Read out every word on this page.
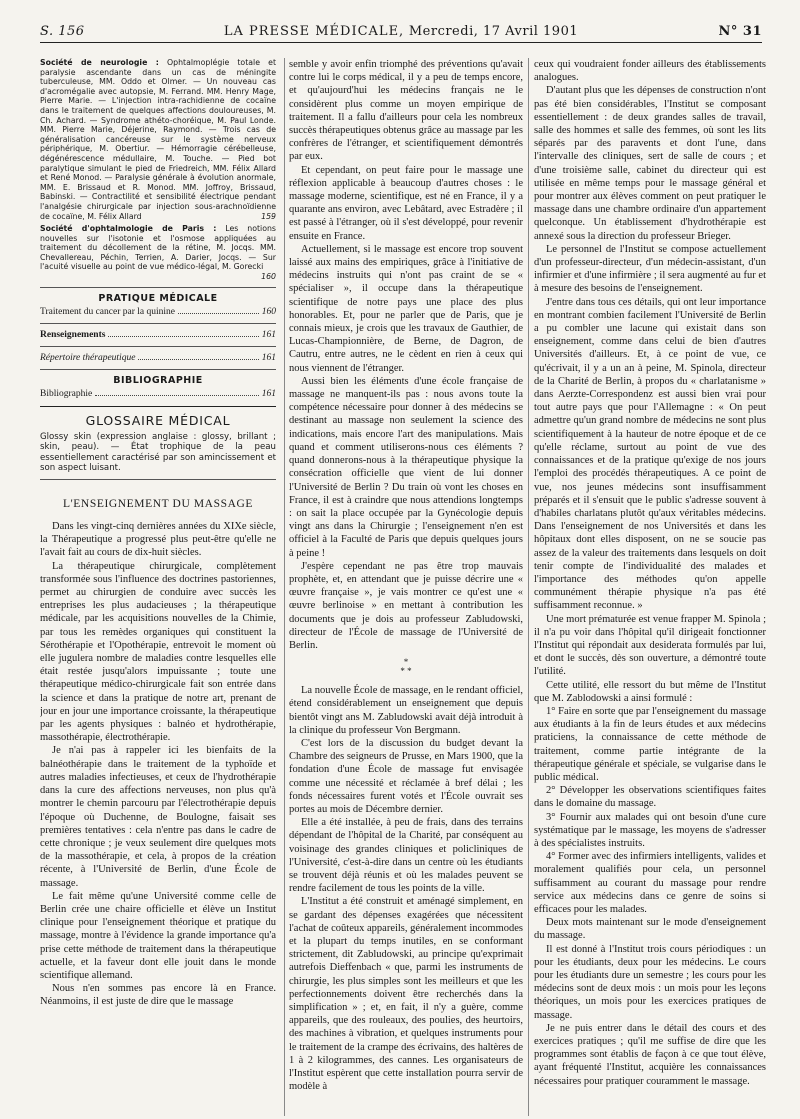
S. 156	LA PRESSE MÉDICALE, Mercredi, 17 Avril 1901	N° 31

Société de neurologie : Ophtalmoplégie totale et paralysie ascendante dans un cas de méningite tuberculeuse, MM. Oddo et Olmer. — Un nouveau cas d'acromégalie avec autopsie, M. Ferrand. MM. Henry Mage, Pierre Marie. — L'injection intra-rachidienne de cocaïne dans le traitement de quelques affections douloureuses, M. Ch. Achard. — Syndrome athéto-choréique, M. Paul Londe. MM. Pierre Marie, Déjerine, Raymond. — Trois cas de généralisation cancéreuse sur le système nerveux périphérique, M. Obertiur. — Hémorragie cérébelleuse, dégénérescence médullaire, M. Touche. — Pied bot paralytique simulant le pied de Friedreich, MM. Félix Allard et René Monod. — Paralysie générale à évolution anormale, MM. E. Brissaud et R. Monod. MM. Joffroy, Brissaud, Babinski. — Contractilité et sensibilité électrique pendant l'analgésie chirurgicale par injection sous-arachnoïdienne de cocaïne, M. Félix Allard	159

Société d'ophtalmologie de Paris : Les notions nouvelles sur l'isotonie et l'osmose appliquées au traitement du décollement de la rétine, M. Jocqs. MM. Chevallereau, Péchin, Terrien, A. Darier, Jocqs. — Sur l'acuité visuelle au point de vue médico-légal, M. Gorecki
160

PRATIQUE MÉDICALE
Traitement du cancer par la quinine	160
Renseignements	161
Répertoire thérapeutique	161
BIBLIOGRAPHIE
Bibliographie	161
GLOSSAIRE MÉDICAL

Glossy skin (expression anglaise : glossy, brillant ; skin, peau). — État trophique de la peau essentiellement caractérisé par son amincissement et son aspect luisant.

L'ENSEIGNEMENT DU MASSAGE

Dans les vingt-cinq dernières années du XIXe siècle, la Thérapeutique a progressé plus peut-être qu'elle ne l'avait fait au cours de dix-huit siècles.

La thérapeutique chirurgicale, complètement transformée sous l'influence des doctrines pastoriennes, permet au chirurgien de conduire avec succès les entreprises les plus audacieuses ; la thérapeutique médicale, par les acquisitions nouvelles de la Chimie, par tous les remèdes organiques qui constituent la Sérothérapie et l'Opothérapie, entrevoit le moment où elle jugulera nombre de maladies contre lesquelles elle était restée jusqu'alors impuissante ; toute une thérapeutique médico-chirurgicale fait son entrée dans la science et dans la pratique de notre art, prenant de jour en jour une importance croissante, la thérapeutique par les agents physiques : balnéo et hydrothérapie, massothérapie, électrothérapie.

Je n'ai pas à rappeler ici les bienfaits de la balnéothérapie dans le traitement de la typhoïde et autres maladies infectieuses, et ceux de l'hydrothérapie dans la cure des affections nerveuses, non plus qu'à montrer le chemin parcouru par l'électrothérapie depuis l'époque où Duchenne, de Boulogne, faisait ses premières tentatives : cela n'entre pas dans le cadre de cette chronique ; je veux seulement dire quelques mots de la massothérapie, et cela, à propos de la création récente, à l'Université de Berlin, d'une École de massage.

Le fait même qu'une Université comme celle de Berlin crée une chaire officielle et élève un Institut clinique pour l'enseignement théorique et pratique du massage, montre à l'évidence la grande importance qu'a prise cette méthode de traitement dans la thérapeutique actuelle, et la faveur dont elle jouit dans le monde scientifique allemand.

Nous n'en sommes pas encore là en France. Néanmoins, il est juste de dire que le massage

semble y avoir enfin triomphé des préventions qu'avait contre lui le corps médical, il y a peu de temps encore, et qu'aujourd'hui les médecins français ne le considèrent plus comme un moyen empirique de traitement. Il a fallu d'ailleurs pour cela les nombreux succès thérapeutiques obtenus grâce au massage par les confrères de l'étranger, et scientifiquement démontrés par eux.

Et cependant, on peut faire pour le massage une réflexion applicable à beaucoup d'autres choses : le massage moderne, scientifique, est né en France, il y a quarante ans environ, avec Lebâtard, avec Estradère ; il est passé à l'étranger, où il s'est développé, pour revenir ensuite en France.

Actuellement, si le massage est encore trop souvent laissé aux mains des empiriques, grâce à l'initiative de médecins instruits qui n'ont pas craint de se « spécialiser », il occupe dans la thérapeutique scientifique de notre pays une place des plus honorables. Et, pour ne parler que de Paris, que je connais mieux, je crois que les travaux de Gauthier, de Lucas-Championnière, de Berne, de Dagron, de Cautru, entre autres, ne le cèdent en rien à ceux qui nous viennent de l'étranger.

Aussi bien les éléments d'une école française de massage ne manquent-ils pas : nous avons toute la compétence nécessaire pour donner à des médecins se destinant au massage non seulement la science des indications, mais encore l'art des manipulations. Mais quand et comment utiliserons-nous ces éléments ? quand donnerons-nous à la thérapeutique physique la consécration officielle que vient de lui donner l'Université de Berlin ? Du train où vont les choses en France, il est à craindre que nous attendions longtemps : on sait la place occupée par la Gynécologie depuis vingt ans dans la Chirurgie ; l'enseignement n'en est officiel à la Faculté de Paris que depuis quelques jours à peine !

J'espère cependant ne pas être trop mauvais prophète, et, en attendant que je puisse décrire une « œuvre française », je vais montrer ce qu'est une « œuvre berlinoise » en mettant à contribution les documents que je dois au professeur Zabludowski, directeur de l'École de massage de l'Université de Berlin.

*
* *

La nouvelle École de massage, en le rendant officiel, étend considérablement un enseignement que depuis bientôt vingt ans M. Zabludowski avait déjà introduit à la clinique du professeur Von Bergmann.

C'est lors de la discussion du budget devant la Chambre des seigneurs de Prusse, en Mars 1900, que la fondation d'une École de massage fut envisagée comme une nécessité et réclamée à bref délai ; les fonds nécessaires furent votés et l'École ouvrait ses portes au mois de Décembre dernier.

Elle a été installée, à peu de frais, dans des terrains dépendant de l'hôpital de la Charité, par conséquent au voisinage des grandes cliniques et policliniques de l'Université, c'est-à-dire dans un centre où les étudiants se trouvent déjà réunis et où les malades peuvent se rendre facilement de tous les points de la ville.

L'Institut a été construit et aménagé simplement, en se gardant des dépenses exagérées que nécessitent l'achat de coûteux appareils, généralement incommodes et la plupart du temps inutiles, en se conformant strictement, dit Zabludowski, au principe qu'exprimait autrefois Dieffenbach « que, parmi les instruments de chirurgie, les plus simples sont les meilleurs et que les perfectionnements doivent être recherchés dans la simplification » ; et, en fait, il n'y a guère, comme appareils, que des rouleaux, des poulies, des heurtoirs, des machines à vibration, et quelques instruments pour le traitement de la crampe des écrivains, des haltères de 1 à 2 kilogrammes, des cannes. Les organisateurs de l'Institut espèrent que cette installation pourra servir de modèle à

ceux qui voudraient fonder ailleurs des établissements analogues.

D'autant plus que les dépenses de construction n'ont pas été bien considérables, l'Institut se composant essentiellement : de deux grandes salles de travail, salle des hommes et salle des femmes, où sont les lits séparés par des paravents et dont l'une, dans l'intervalle des cliniques, sert de salle de cours ; et d'une troisième salle, cabinet du directeur qui est utilisée en même temps pour le massage général et pour montrer aux élèves comment on peut pratiquer le massage dans une chambre ordinaire d'un appartement quelconque. Un établissement d'hydrothérapie est annexé sous la direction du professeur Brieger.

Le personnel de l'Institut se compose actuellement d'un professeur-directeur, d'un médecin-assistant, d'un infirmier et d'une infirmière ; il sera augmenté au fur et à mesure des besoins de l'enseignement.

J'entre dans tous ces détails, qui ont leur importance en montrant combien facilement l'Université de Berlin a pu combler une lacune qui existait dans son enseignement, comme dans celui de bien d'autres Universités d'ailleurs. Et, à ce point de vue, ce qu'écrivait, il y a un an à peine, M. Spinola, directeur de la Charité de Berlin, à propos du « charlatanisme » dans Aerzte-Correspondenz est aussi bien vrai pour tout autre pays que pour l'Allemagne : « On peut admettre qu'un grand nombre de médecins ne sont plus scientifiquement à la hauteur de notre époque et de ce qu'elle réclame, surtout au point de vue des connaissances et de la pratique qu'exige de nos jours l'emploi des procédés thérapeutiques. A ce point de vue, nos jeunes médecins sont insuffisamment préparés et il s'ensuit que le public s'adresse souvent à d'habiles charlatans plutôt qu'aux véritables médecins. Dans l'enseignement de nos Universités et dans les hôpitaux dont elles disposent, on ne se soucie pas assez de la valeur des traitements dans lesquels on doit tenir compte de l'individualité des malades et l'importance des méthodes qu'on appelle communément thérapie physique n'a pas été suffisamment reconnue. »

Une mort prématurée est venue frapper M. Spinola ; il n'a pu voir dans l'hôpital qu'il dirigeait fonctionner l'Institut qui répondait aux desiderata formulés par lui, et dont le succès, dès son ouverture, a démontré toute l'utilité.

Cette utilité, elle ressort du but même de l'Institut que M. Zablodowski a ainsi formulé :

1° Faire en sorte que par l'enseignement du massage aux étudiants à la fin de leurs études et aux médecins praticiens, la connaissance de cette méthode de traitement, comme partie intégrante de la thérapeutique générale et spéciale, se vulgarise dans le public médical.

2° Développer les observations scientifiques faites dans le domaine du massage.

3° Fournir aux malades qui ont besoin d'une cure systématique par le massage, les moyens de s'adresser à des spécialistes instruits.

4° Former avec des infirmiers intelligents, valides et moralement qualifiés pour cela, un personnel suffisamment au courant du massage pour rendre service aux médecins dans ce genre de soins si efficaces pour les malades.

Deux mots maintenant sur le mode d'enseignement du massage.

Il est donné à l'Institut trois cours périodiques : un pour les étudiants, deux pour les médecins. Le cours pour les étudiants dure un semestre ; les cours pour les médecins sont de deux mois : un mois pour les leçons théoriques, un mois pour les exercices pratiques de massage.

Je ne puis entrer dans le détail des cours et des exercices pratiques ; qu'il me suffise de dire que les programmes sont établis de façon à ce que tout élève, ayant fréquenté l'Institut, acquière les connaissances nécessaires pour pratiquer couramment le massage.
